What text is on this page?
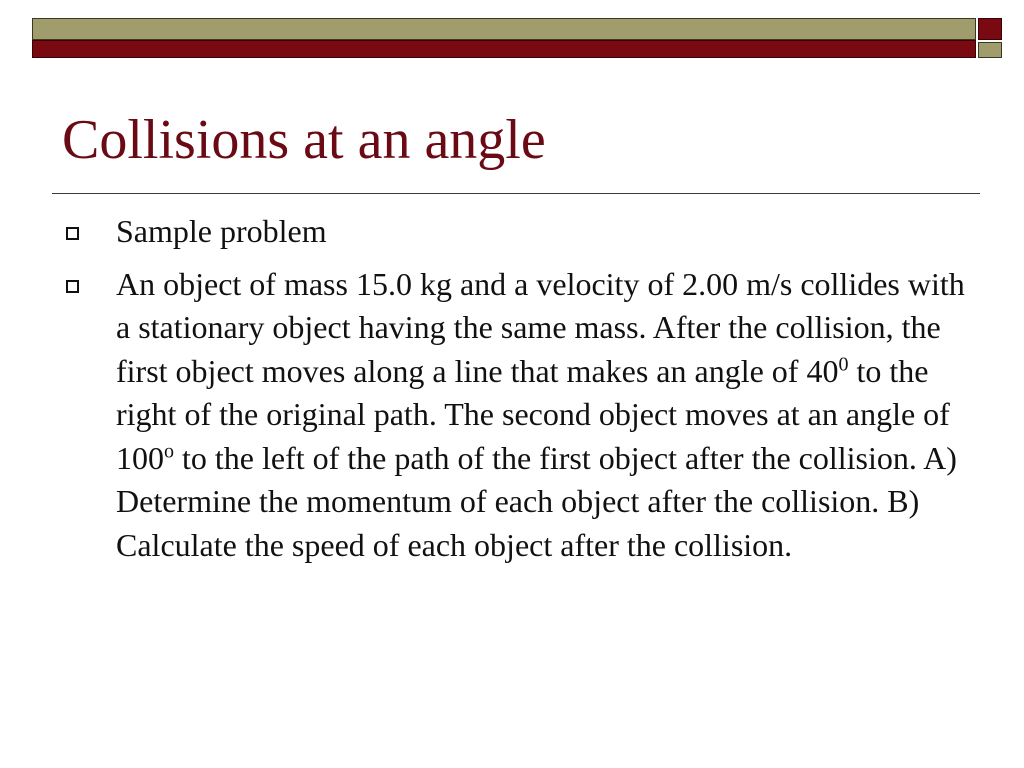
Collisions at an angle
Sample problem
An object of mass 15.0 kg and a velocity of 2.00 m/s collides with a stationary object having the same mass. After the collision, the first object moves along a line that makes an angle of $40^0$ to the right of the original path. The second object moves at an angle of 100$^o$ to the left of the path of the first object after the collision. A) Determine the momentum of each object after the collision. B) Calculate the speed of each object after the collision.
